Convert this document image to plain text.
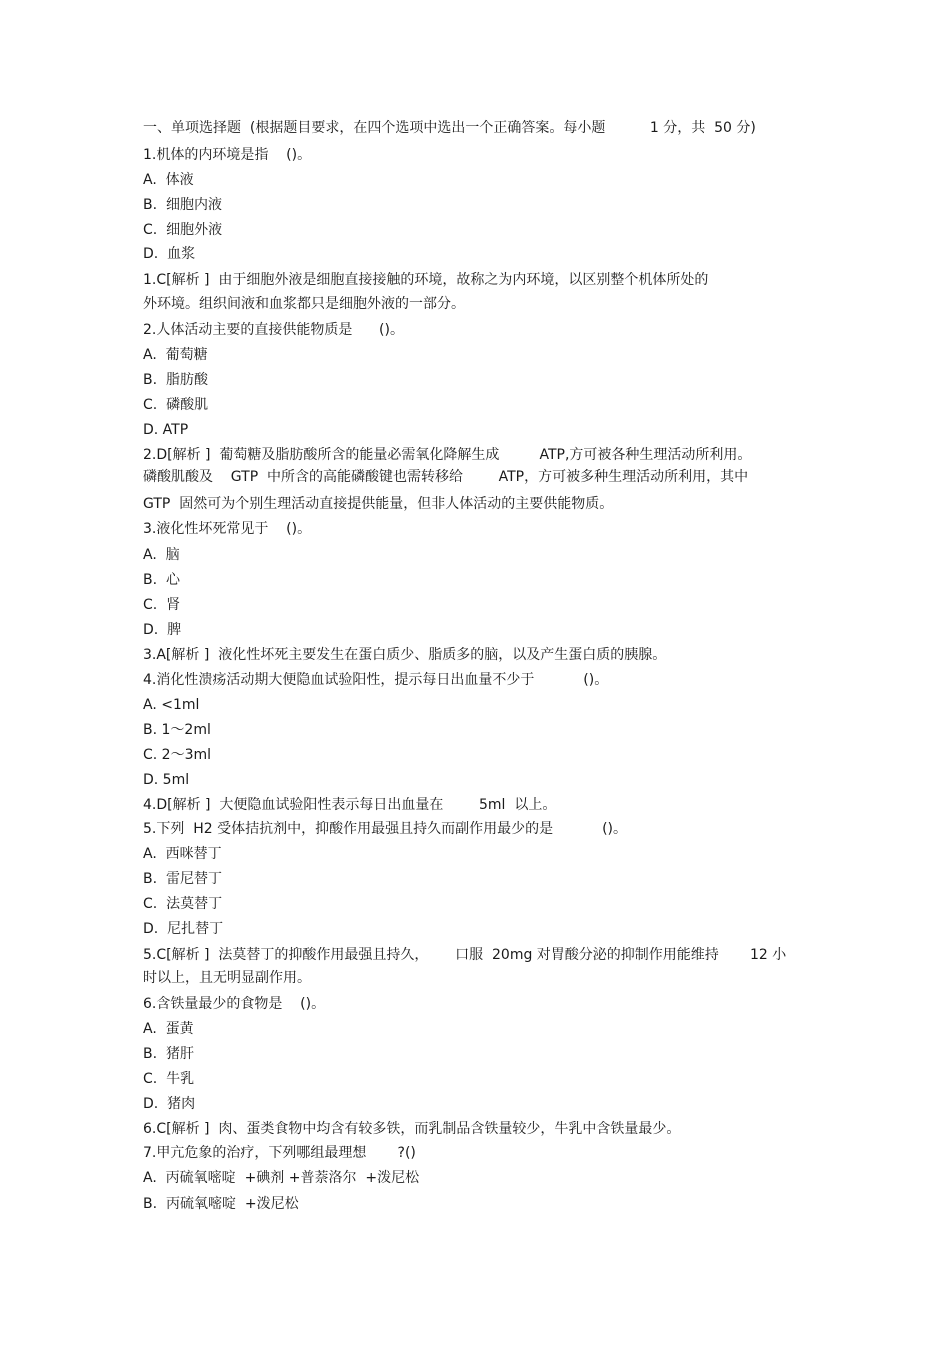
一、单项选择题  (根据题目要求，在四个选项中选出一个正确答案。每小题          1 分，共  50 分)
1.机体的内环境是指    ()。
A.  体液
B.  细胞内液
C.  细胞外液
D.  血浆
1.C[解析 ]  由于细胞外液是细胞直接接触的环境，故称之为内环境，以区别整个机体所处的
外环境。组织间液和血浆都只是细胞外液的一部分。
2.人体活动主要的直接供能物质是      ()。
A.  葡萄糖
B.  脂肪酸
C.  磷酸肌
D. ATP
2.D[解析 ]  葡萄糖及脂肪酸所含的能量必需氧化降解生成         ATP,方可被各种生理活动所利用。
磷酸肌酸及    GTP  中所含的高能磷酸键也需转移给        ATP，方可被多种生理活动所利用，其中
GTP  固然可为个别生理活动直接提供能量，但非人体活动的主要供能物质。
3.液化性坏死常见于    ()。
A.  脑
B.  心
C.  肾
D.  脾
3.A[解析 ]  液化性坏死主要发生在蛋白质少、脂质多的脑，以及产生蛋白质的胰腺。
4.消化性溃疡活动期大便隐血试验阳性，提示每日出血量不少于           ()。
A. <1ml
B. 1～2ml
C. 2～3ml
D. 5ml
4.D[解析 ]  大便隐血试验阳性表示每日出血量在        5ml  以上。
5.下列  H2 受体拮抗剂中，抑酸作用最强且持久而副作用最少的是           ()。
A.  西咪替丁
B.  雷尼替丁
C.  法莫替丁
D.  尼扎替丁
5.C[解析 ]  法莫替丁的抑酸作用最强且持久，      口服  20mg 对胃酸分泌的抑制作用能维持       12 小
时以上，且无明显副作用。
6.含铁量最少的食物是    ()。
A.  蛋黄
B.  猪肝
C.  牛乳
D.  猪肉
6.C[解析 ]  肉、蛋类食物中均含有较多铁，而乳制品含铁量较少，牛乳中含铁量最少。
7.甲亢危象的治疗，下列哪组最理想       ?()
A.  丙硫氧嘧啶  +碘剂 +普萘洛尔  +泼尼松
B.  丙硫氧嘧啶  +泼尼松
